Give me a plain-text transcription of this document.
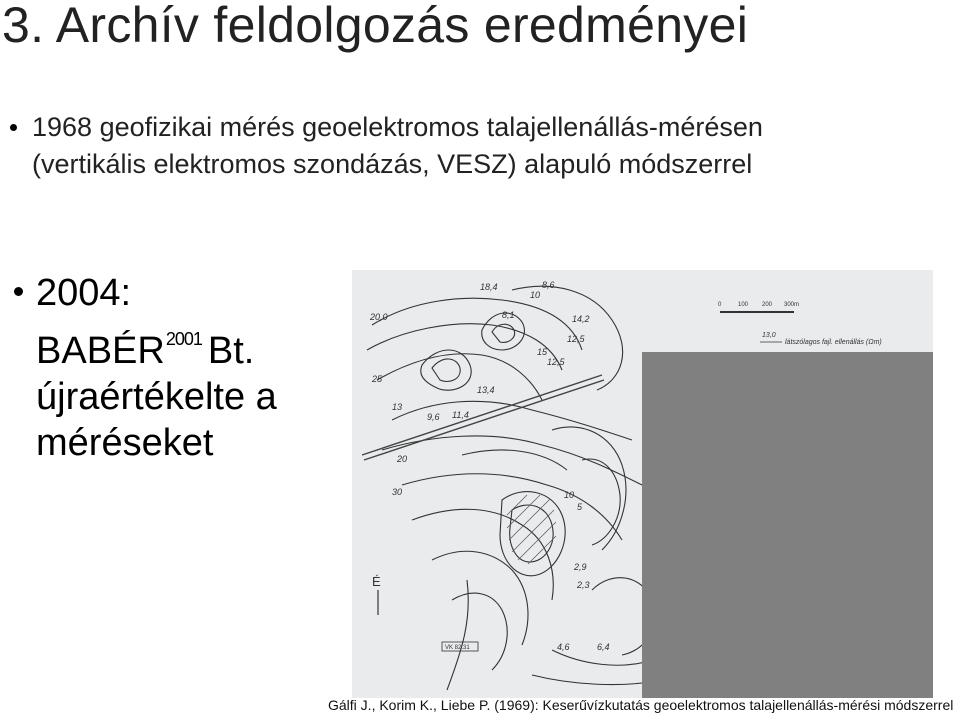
3. Archív feldolgozás eredményei
1968 geofizikai mérés geoelektromos talajellenállás-mérésen
(vertikális elektromos szondázás, VESZ) alapuló módszerrel
2004:
$BABÉR^{2001}$ Bt.
újraértékelte a
méréseket
20,0
18,4
10
8,6
8,1
12,5
15
25
13
12,5
14,2
9,6 11,4
13,4
20
30	10
5
2,9
2,3
4,6	6,4
É
VK 82.31
0	100 200 300m
13,0
látszólagos fajl. ellenállás (Ωm)
Gálfi J., Korim K., Liebe P. (1969): Keserűvízkutatás geoelektromos talajellenállás-mérési módszerrel
